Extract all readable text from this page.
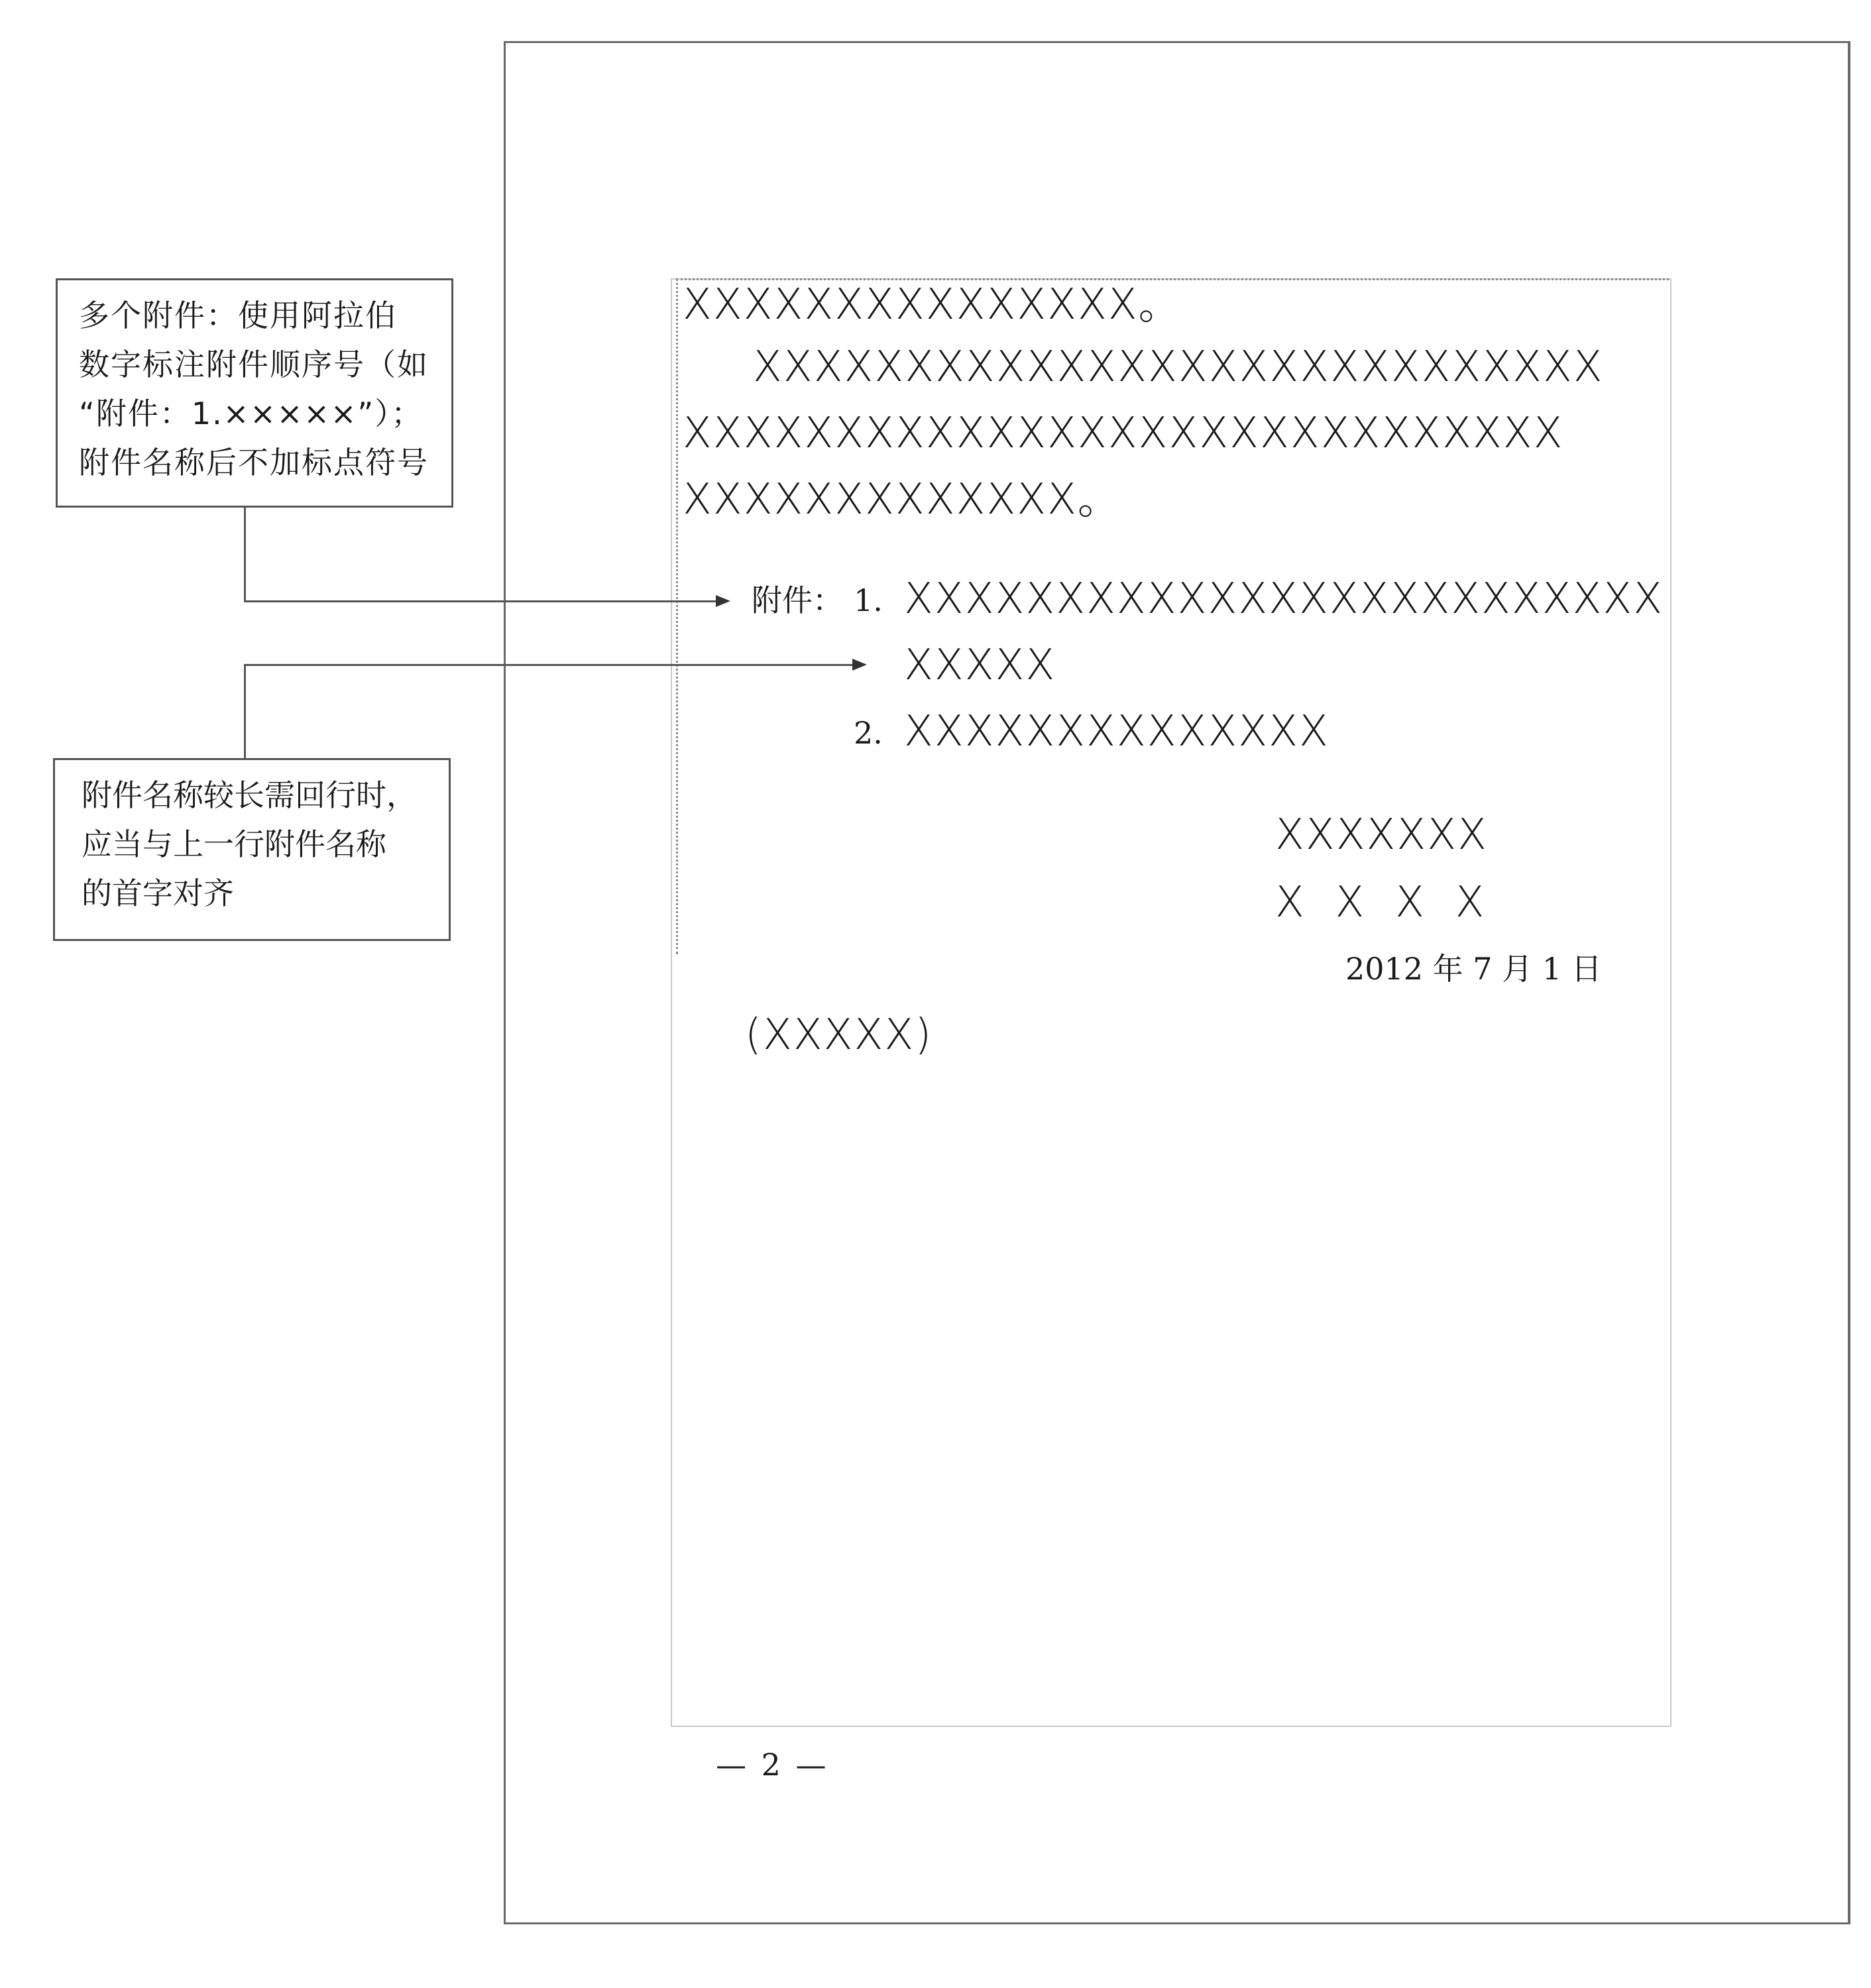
多个附件：使用阿拉伯
数字标注附件顺序号（如
“附件：1.×××××”）；
附件名称后不加标点符号
附件名称较长需回行时，
应当与上一行附件名称
的首字对齐
XXXXXXXXXXXXXXX。
XXXXXXXXXXXXXXXXXXXXXXXXXXXX
XXXXXXXXXXXXXXXXXXXXXXXXXXXXX
XXXXXXXXXXXXX。
附件： 1. XXXXXXXXXXXXXXXXXXXXXXXXX
XXXXX
2. XXXXXXXXXXXXXX
XXXXXXX
X  X  X  X
2012 年 7 月 1 日
(XXXXX)
— 2 —
